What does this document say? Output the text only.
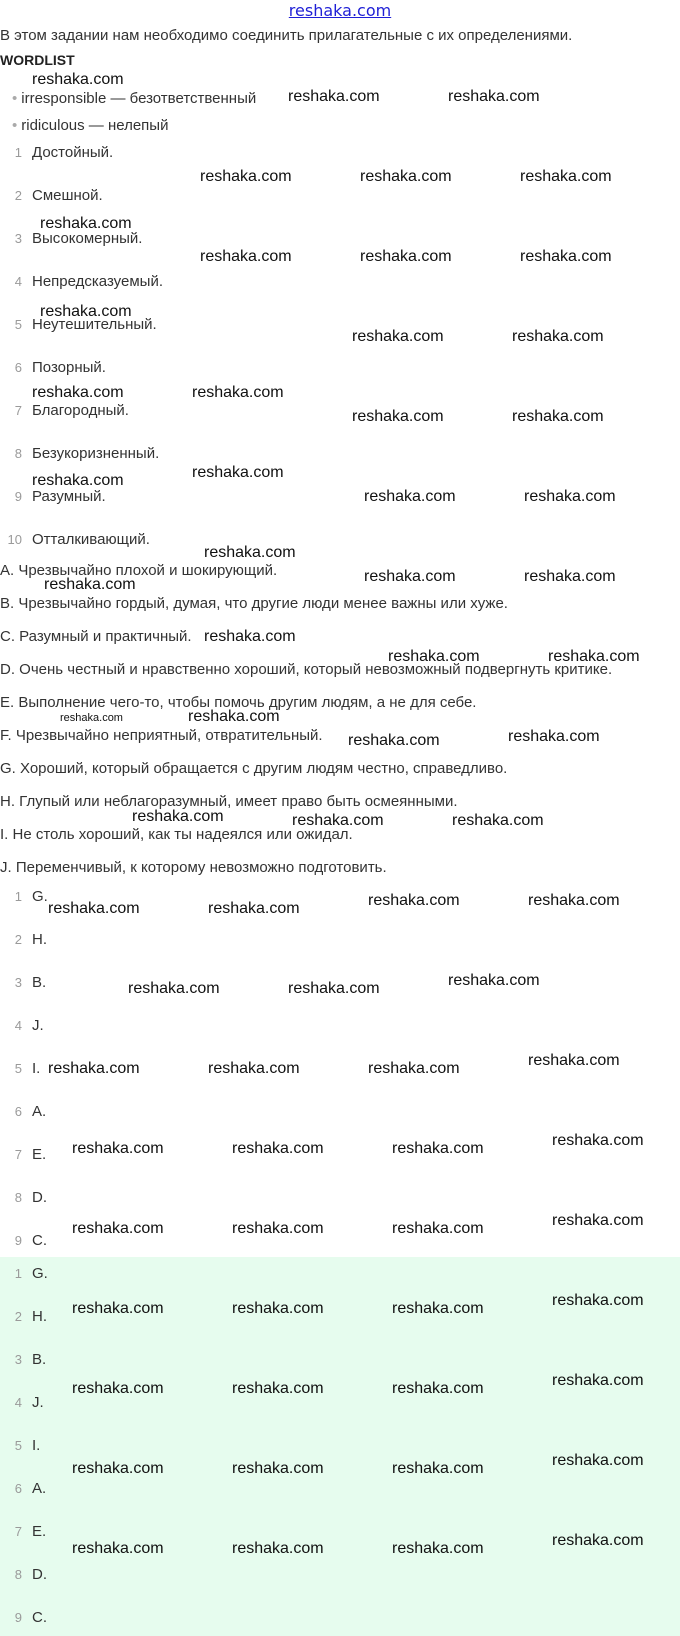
reshaka.com
В этом задании нам необходимо соединить прилагательные с их определениями.
WORDLIST
• irresponsible — безответственный
• ridiculous — нелепый
1 Достойный.
2 Смешной.
3 Высокомерный.
4 Непредсказуемый.
5 Неутешительный.
6 Позорный.
7 Благородный.
8 Безукоризненный.
9 Разумный.
10 Отталкивающий.
A. Чрезвычайно плохой и шокирующий.
B. Чрезвычайно гордый, думая, что другие люди менее важны или хуже.
C. Разумный и практичный.
D. Очень честный и нравственно хороший, который невозможный подвергнуть критике.
E. Выполнение чего-то, чтобы помочь другим людям, а не для себе.
F. Чрезвычайно неприятный, отвратительный.
G. Хороший, который обращается с другим людям честно, справедливо.
H. Глупый или неблагоразумный, имеет право быть осмеянными.
I. Не столь хороший, как ты надеялся или ожидал.
J. Переменчивый, к которому невозможно подготовить.
1 G.
2 H.
3 B.
4 J.
5 I.
6 A.
7 E.
8 D.
9 C.
1 G.
2 H.
3 B.
4 J.
5 I.
6 A.
7 E.
8 D.
9 C.
reshaka.com
reshaka.com	reshaka.com
reshaka.com	reshaka.com	reshaka.com
reshaka.com
reshaka.com	reshaka.com	reshaka.com
reshaka.com
reshaka.com	reshaka.com
reshaka.com	reshaka.com
reshaka.com	reshaka.com
reshaka.com
reshaka.com
reshaka.com	reshaka.com
reshaka.com
reshaka.com	reshaka.com	reshaka.com
reshaka.com
reshaka.com	reshaka.com
reshaka.com	reshaka.com
reshaka.com	reshaka.com
reshaka.com	reshaka.com	reshaka.com
reshaka.com	reshaka.com	reshaka.com	reshaka.com
reshaka.com	reshaka.com	reshaka.com
reshaka.com	reshaka.com	reshaka.com	reshaka.com
reshaka.com	reshaka.com	reshaka.com	reshaka.com
reshaka.com	reshaka.com	reshaka.com	reshaka.com
reshaka.com	reshaka.com	reshaka.com	reshaka.com
reshaka.com	reshaka.com	reshaka.com	reshaka.com
reshaka.com	reshaka.com	reshaka.com	reshaka.com
reshaka.com	reshaka.com	reshaka.com	reshaka.com
